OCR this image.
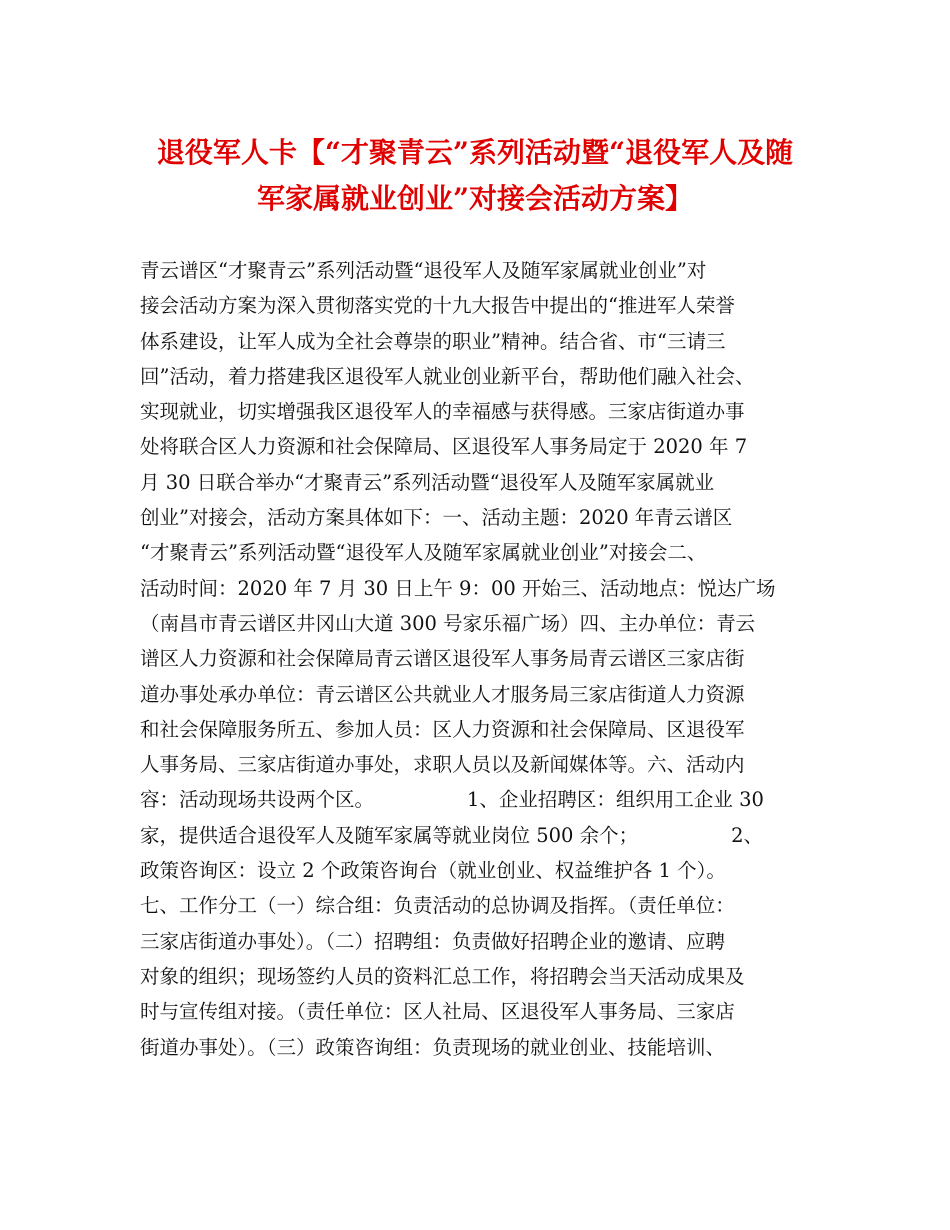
退役军人卡【“才聚青云”系列活动暨“退役军人及随
军家属就业创业”对接会活动方案】
青云谱区“才聚青云”系列活动暨“退役军人及随军家属就业创业”对
接会活动方案为深入贯彻落实党的十九大报告中提出的“推进军人荣誉
体系建设，让军人成为全社会尊崇的职业”精神。结合省、市“三请三
回”活动，着力搭建我区退役军人就业创业新平台，帮助他们融入社会、
实现就业，切实增强我区退役军人的幸福感与获得感。三家店街道办事
处将联合区人力资源和社会保障局、区退役军人事务局定于 2020 年 7
月 30 日联合举办“才聚青云”系列活动暨“退役军人及随军家属就业
创业”对接会，活动方案具体如下：一、活动主题：2020 年青云谱区
“才聚青云”系列活动暨“退役军人及随军家属就业创业”对接会二、
活动时间：2020 年 7 月 30 日上午 9：00 开始三、活动地点：悦达广场
（南昌市青云谱区井冈山大道 300 号家乐福广场）四、主办单位：青云
谱区人力资源和社会保障局青云谱区退役军人事务局青云谱区三家店街
道办事处承办单位：青云谱区公共就业人才服务局三家店街道人力资源
和社会保障服务所五、参加人员：区人力资源和社会保障局、区退役军
人事务局、三家店街道办事处，求职人员以及新闻媒体等。六、活动内
容：活动现场共设两个区。               1、企业招聘区：组织用工企业 30
家，提供适合退役军人及随军家属等就业岗位 500 余个；               2、
政策咨询区：设立 2 个政策咨询台（就业创业、权益维护各 1 个）。
七、工作分工（一）综合组：负责活动的总协调及指挥。（责任单位：
三家店街道办事处）。（二）招聘组：负责做好招聘企业的邀请、应聘
对象的组织；现场签约人员的资料汇总工作，将招聘会当天活动成果及
时与宣传组对接。（责任单位：区人社局、区退役军人事务局、三家店
街道办事处）。（三）政策咨询组：负责现场的就业创业、技能培训、
